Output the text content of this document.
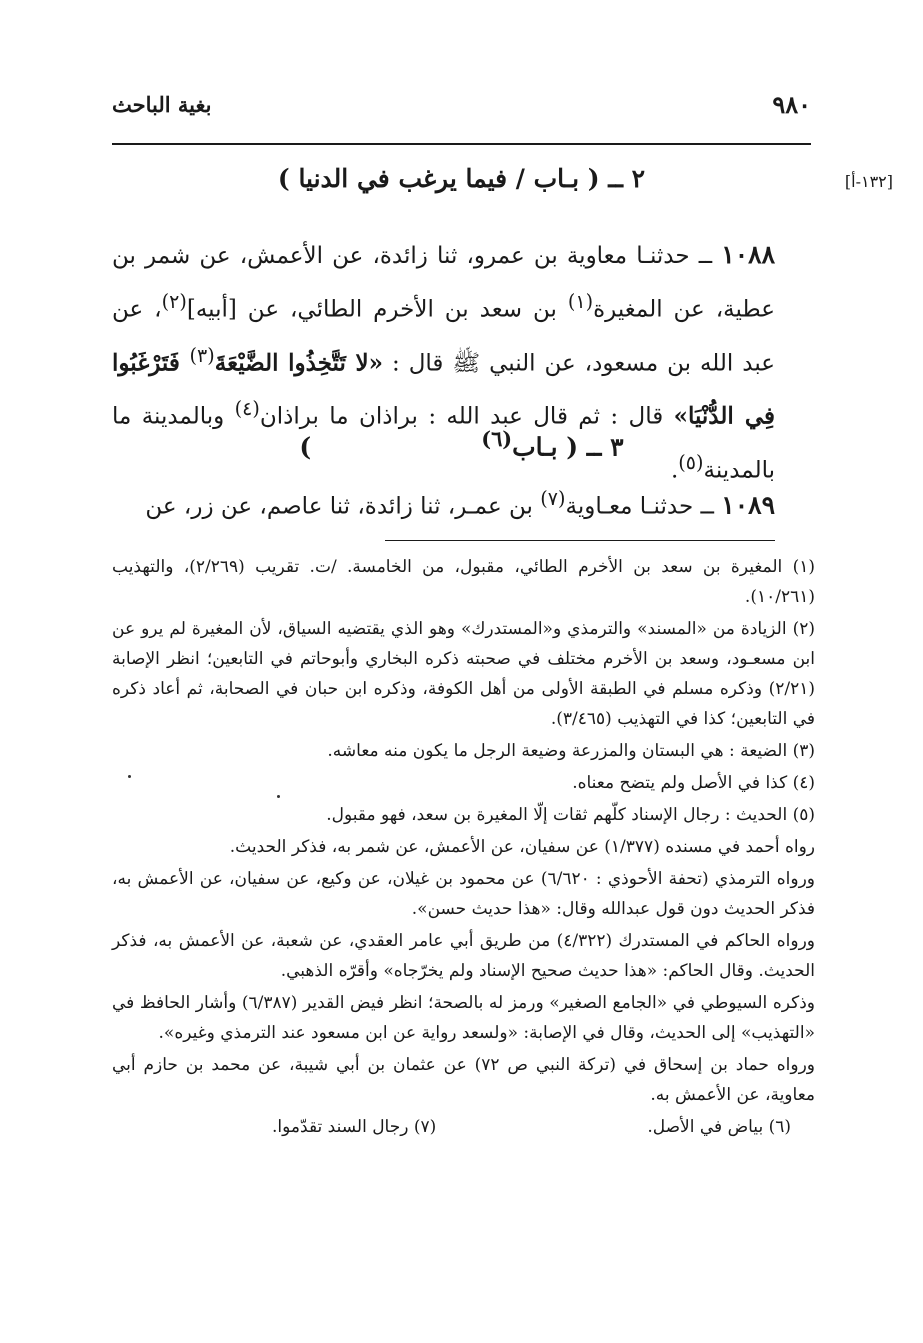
٩٨٠
بغية الباحث
[١٣٢-أ]
٢ ــ ( بـاب / فيما يرغب في الدنيا )
١٠٨٨ ــ حدثنـا معاوية بن عمرو، ثنا زائدة، عن الأعمش، عن شمر بن عطية، عن المغيرة$^{(١)}$ بن سعد بن الأخرم الطائي، عن [أبيه]$^{(٢)}$، عن عبد الله بن مسعود، عن النبي ﷺ قال : «لا تَتَّخِذُوا الضَّيْعَةَ$^{(٣)}$ فَتَرْغَبُوا فِي الدُّنْيَا» قال : ثم قال عبد الله : براذان ما براذان$^{(٤)}$ وبالمدينة ما بالمدينة$^{(٥)}$.
٣ ــ ( بـاب$^{(٦)}$)
١٠٨٩ ــ حدثنـا معـاوية$^{(٧)}$ بن عمـر، ثنا زائدة، ثنا عاصم، عن زر، عن

(١) المغيرة بن سعد بن الأخرم الطائي، مقبول، من الخامسة. /ت. تقريب (٢/٢٦٩)، والتهذيب (١٠/٢٦١).

(٢) الزيادة من «المسند» والترمذي و«المستدرك» وهو الذي يقتضيه السياق، لأن المغيرة لم يرو عن ابن مسعـود، وسعد بن الأخرم مختلف في صحبته ذكره البخاري وأبوحاتم في التابعين؛ انظر الإصابة (٢/٢١) وذكره مسلم في الطبقة الأولى من أهل الكوفة، وذكره ابن حبان في الصحابة، ثم أعاد ذكره في التابعين؛ كذا في التهذيب (٣/٤٦٥).

(٣) الضيعة : هي البستان والمزرعة وضيعة الرجل ما يكون منه معاشه.

(٤) كذا في الأصل ولم يتضح معناه.

(٥) الحديث : رجال الإسناد كلّهم ثقات إلّا المغيرة بن سعد، فهو مقبول.

رواه أحمد في مسنده (١/٣٧٧) عن سفيان، عن الأعمش، عن شمر به، فذكر الحديث.

ورواه الترمذي (تحفة الأحوذي : ٦/٦٢٠) عن محمود بن غيلان، عن وكيع، عن سفيان، عن الأعمش به، فذكر الحديث دون قول عبدالله وقال: «هذا حديث حسن».

ورواه الحاكم في المستدرك (٤/٣٢٢) من طريق أبي عامر العقدي، عن شعبة، عن الأعمش به، فذكر الحديث. وقال الحاكم: «هذا حديث صحيح الإسناد ولم يخرّجاه» وأقرّه الذهبي.

وذكره السيوطي في «الجامع الصغير» ورمز له بالصحة؛ انظر فيض القدير (٦/٣٨٧) وأشار الحافظ في «التهذيب» إلى الحديث، وقال في الإصابة: «ولسعد رواية عن ابن مسعود عند الترمذي وغيره».

ورواه حماد بن إسحاق في (تركة النبي ص ٧٢) عن عثمان بن أبي شيبة، عن محمد بن حازم أبي معاوية، عن الأعمش به.

(٦) بياض في الأصل.
(٧) رجال السند تقدّموا.
